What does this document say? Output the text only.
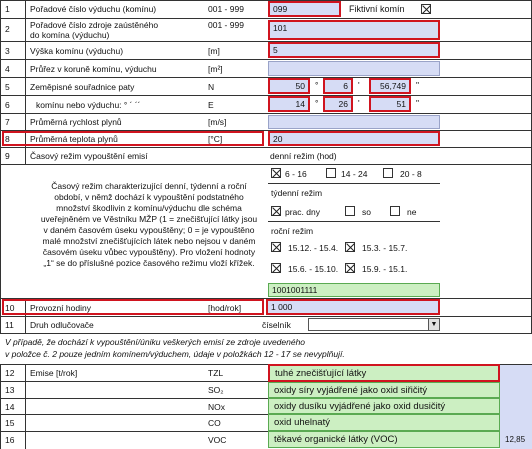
1 Pořadové číslo výduchu (komínu)	001 - 999	099	Fiktivní komín
2 Pořadové číslo zdroje zaústěného
do komína (výduchu)
001 - 999	101
3 Výška komínu (výduchu)	[m]	5
4 Průřez v koruně komínu, výduchu	[m²]
5 Zeměpisné souřadnice paty	N	50	°	6	'	56,749	"
6	komínu nebo výduchu: ° ´ ´´	E	14	°	26	'	51	"
7 Průměrná rychlost plynů	[m/s]
8 Průměrná teplota plynů	[°C]	20
9 Časový režim vypouštění emisí	denní režim (hod)
Časový režim charakterizující denní, týdenní a roční
období, v němž dochází k vypouštění podstatného
množství škodlivin z komínu/výduchu dle schéma
uveřejněném ve Věstníku MŽP (1 = znečišťující látky jsou
v daném časovém úseku vypouštěny; 0 = je vypouštěno
malé množství znečišťujících látek nebo nejsou v daném
časovém úseku vůbec vypouštěny). Pro vložení hodnoty
„1“ se do příslušné pozice časového režimu vloží křížek.
6 - 16	14 - 24	20 - 8
týdenní režim
prac. dny	so	ne
roční režim
15.12. - 15.4.	15.3. - 15.7.
15.6. - 15.10.	15.9. - 15.1.
1001001111
10 Provozní hodiny	[hod/rok]	1 000
11 Druh odlučovače	číselník	▼
V případě, že dochází k vypouštění/úniku veškerých emisí ze zdroje uvedeného
v položce č. 2 pouze jedním komínem/výduchem, údaje v položkách 12 - 17 se nevyplňují.
Emise [t/rok]
12	TZL	tuhé znečišťující látky
13	SO₂	oxidy síry vyjádřené jako oxid siřičitý
14	NOx	oxidy dusíku vyjádřené jako oxid dusičitý
15	CO	oxid uhelnatý
16	VOC	těkavé organické látky (VOC)	12,85
